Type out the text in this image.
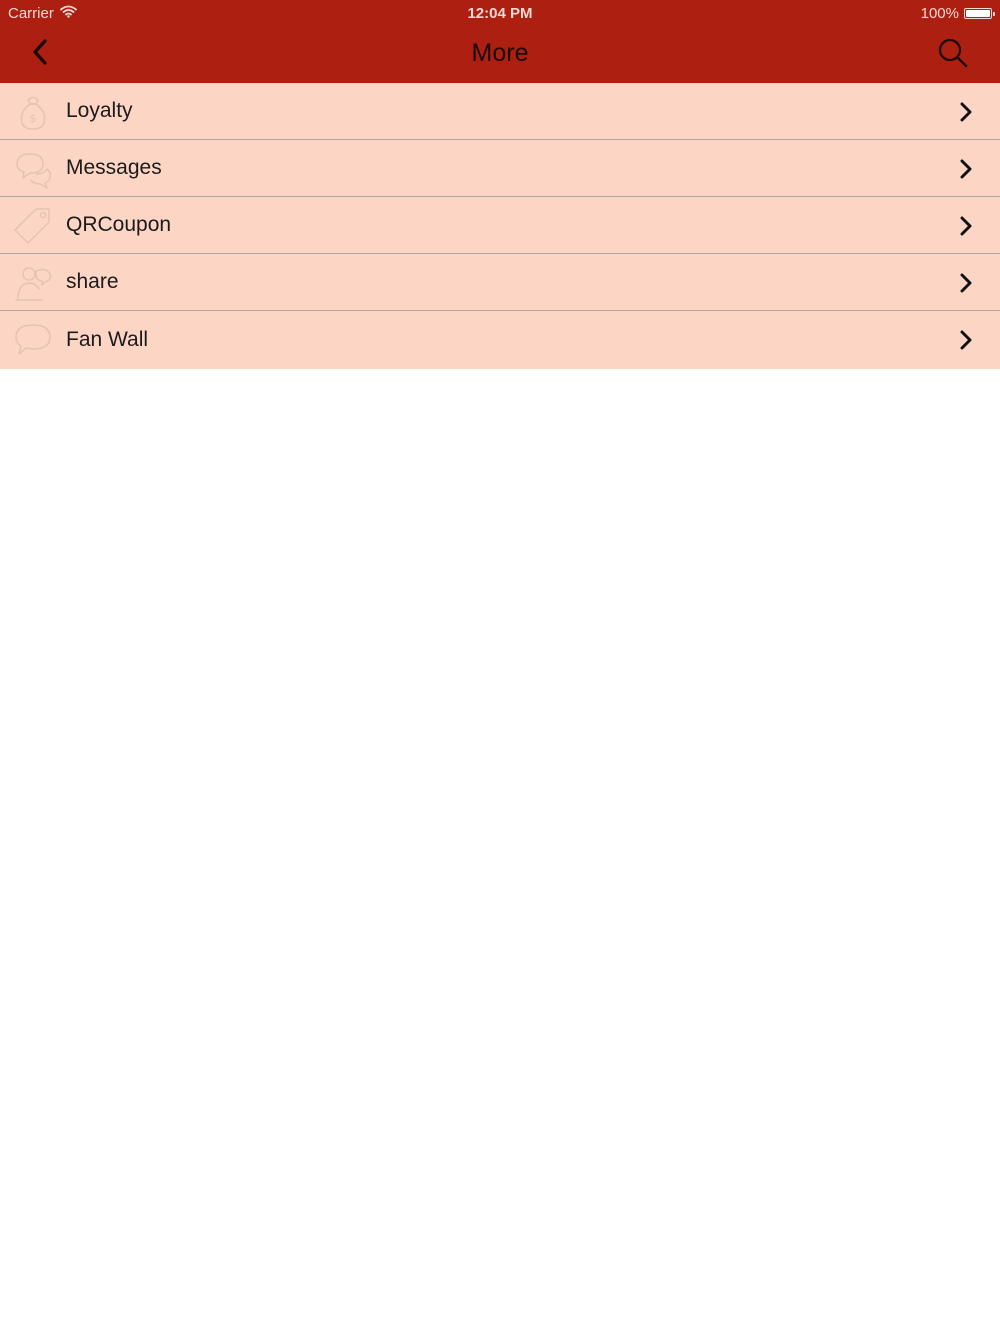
Carrier	12:04 PM	100%
More
$ Loyalty
Messages
QRCoupon
share
Fan Wall
